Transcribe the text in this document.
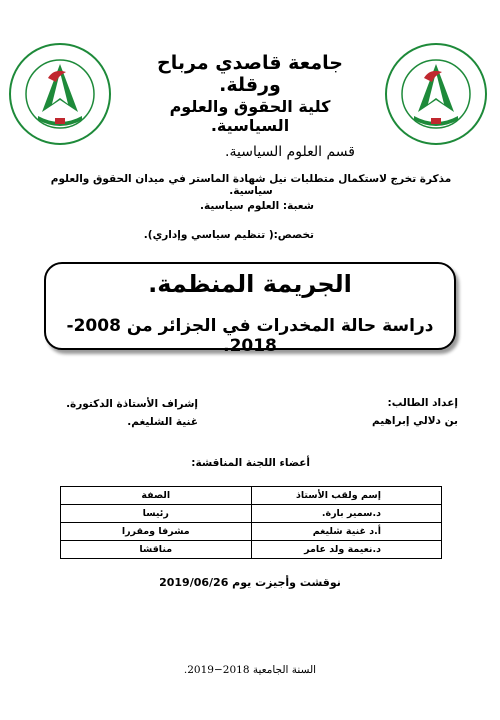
جامعة قاصدي مرباح ورقلة.
كلية الحقوق والعلوم السياسية.
قسم العلوم السياسية.
مذكرة تخرج لاستكمال متطلبات نيل شهادة الماستر في ميدان الحقوق والعلوم سياسية.
شعبة: العلوم سياسية.
تخصص:( تنظيم سياسي وإداري).
الجريمة المنظمة.
دراسة حالة المخدرات في الجزائر من 2008-2018.
إعداد الطالب:
بن دلالي إبراهيم
إشراف الأستاذة الدكتورة.
غنية الشليغم.
أعضاء اللجنة المناقشة:
إسم ولقب الأستاذ	الصفة
د.سمير بارة.	رئيسا
أ.د غنية شليغم	مشرفا ومقررا
د.نعيمة ولد عامر	مناقشا
نوقشت وأجيزت يوم 2019/06/26
السنة الجامعية 2018−2019.
